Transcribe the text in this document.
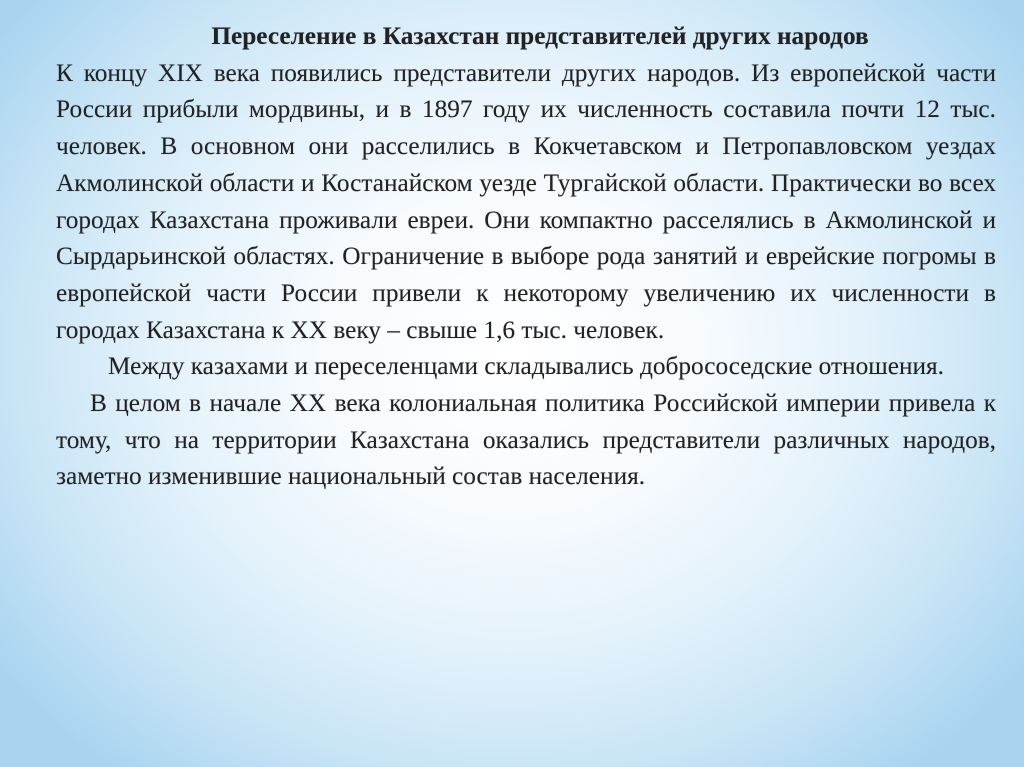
Переселение в Казахстан представителей других народов

К концу XIX века появились представители других народов. Из европейской части России прибыли мордвины, и в 1897 году их численность составила почти 12 тыс. человек. В основном они расселились в Кокчетавском и Петропавловском уездах Акмолинской области и Костанайском уезде Тургайской области. Практически во всех городах Казахстана проживали евреи. Они компактно расселялись в Акмолинской и Сырдарьинской областях. Ограничение в выборе рода занятий и еврейские погромы в европейской части России привели к некоторому увеличению их численности в городах Казахстана к XX веку – свыше 1,6 тыс. человек.

Между казахами и переселенцами складывались добрососедские отношения.

В целом в начале XX века колониальная политика Российской империи привела к тому, что на территории Казахстана оказались представители различных народов, заметно изменившие национальный состав населения.
